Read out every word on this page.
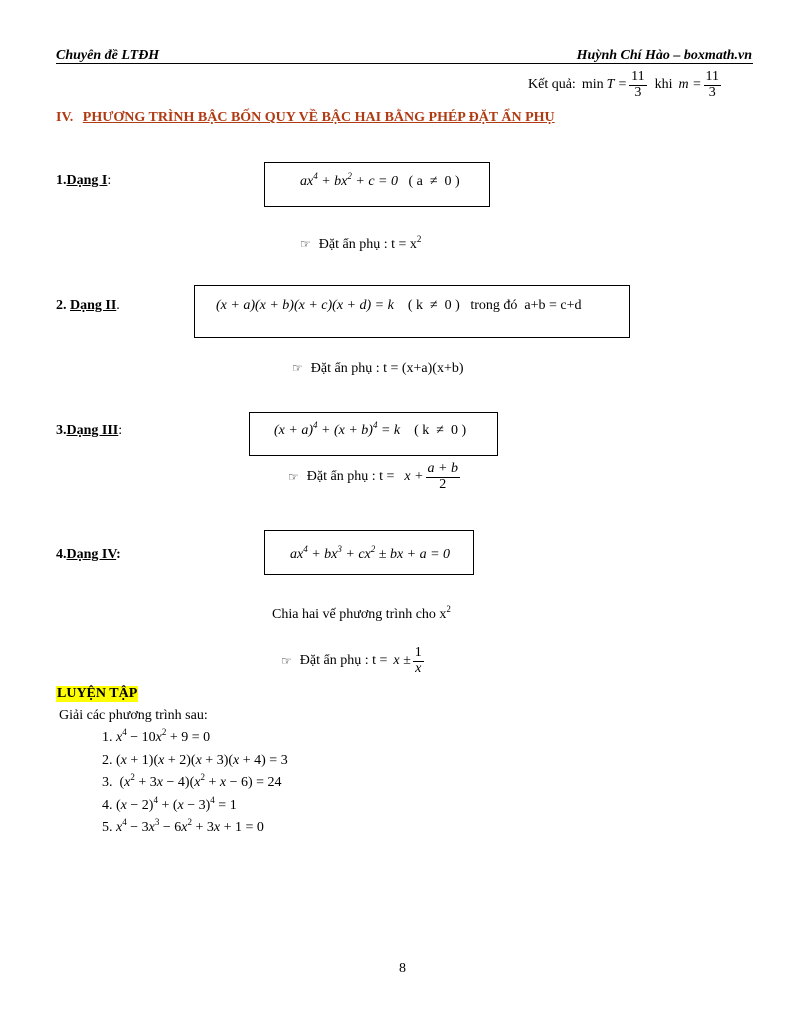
Chuyên đề LTĐH	Huỳnh Chí Hào – boxmath.vn
Kết quả: $\min T = \frac{11}{3}$ khi $m = \frac{11}{3}$
IV. PHƯƠNG TRÌNH BẬC BỐN QUY VỀ BẬC HAI BẰNG PHÉP ĐẶT ẨN PHỤ
1.Dạng I:	$ax^4 + bx^2 + c = 0$   ( a  ≠  0 )
☞ Đặt ẩn phụ : $t = x^2$
2. Dạng II.	(x + a)(x + b)(x + c)(x + d) = k    ( k  ≠  0 )   trong đó  a+b = c+d
☞ Đặt ẩn phụ : t = (x+a)(x+b)
3.Dạng III:	$(x + a)^4 + (x + b)^4 = k$    ( k  ≠  0 )
☞ Đặt ẩn phụ : $t = x + \frac{a + b}{2}$
4.Dạng IV:	$ax^4 + bx^3 + cx^2$ ± bx + a = 0
Chia hai vế phương trình cho $x^2$
☞ Đặt ẩn phụ : $t = x \pm \frac{1}{x}$
LUYỆN TẬP
Giải các phương trình sau:
1. $x^4 - 10x^2 + 9 = 0$
2. (x + 1)(x + 2)(x + 3)(x + 4) = 3
3.  $(x^2 + 3x - 4)(x^2 + x - 6) = 24$
4. $(x - 2)^4 + (x - 3)^4 = 1$
5. $x^4 - 3x^3 - 6x^2 + 3x + 1 = 0$
8
